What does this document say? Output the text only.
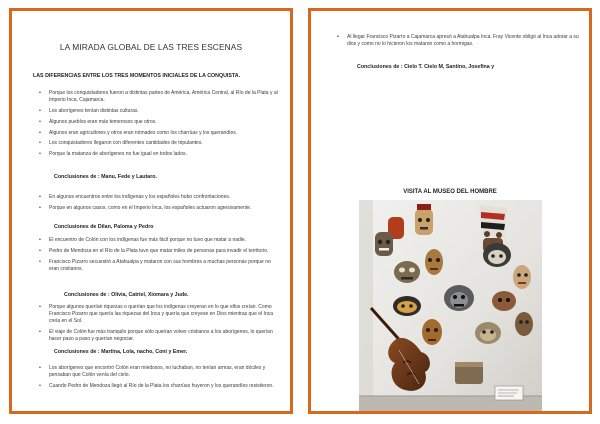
LA MIRADA GLOBAL DE LAS TRES ESCENAS
LAS DIFERENCIAS ENTRE LOS TRES MOMENTOS INICIALES DE LA CONQUISTA.
• Porque los conquistadores fueron a distintas partes de América. América Central, al Río de la Plata y al Imperio Inca, Cajamarca.
• Los aborígenes tenían distintas culturas.
• Algunos pueblos eran más temerosos que otros.
• Algunos eran agricultores y otros eran nómades como los charrúas y los querandíes.
• Los conquistadores llegaron con diferentes cantidades de tripulantes.
• Porque la matanza de aborígenes no fue igual en todos lados.
Conclusiones de : Manu, Fede y Lautaro.
• En algunos encuentros entre los indígenas y los españoles hubo confrontaciones.
• Porque en algunos casos, como en el Imperio Inca, los españoles actuaron agresivamente.
Conclusiones de Dilan, Paloma y Pedro
• El encuentro de Colón con los indígenas fue más fácil porque no tuvo que matar a nadie.
• Pedro de Mendoza en el Río de la Plata tuvo que matar miles de personas para invadir el territorio.
• Francisco Pizarro secuestró a Atahualpa y mataron con sus hombres a muchas personas porque no eran cristianos.
Conclusiones de : Olivia, Catriel, Xiomara y Jude.
• Porque algunos querían riquezas o querían que los indígenas creyeran en lo que ellos creían. Como Francisco Pizarro que quería las riquezas del Inca y quería que creyese en Dios mientras que el Inca creía en el Sol.
• El viaje de Colón fue más tranquilo porque sólo querían volver cristianos a los aborígenes, lo querían hacer paso a paso y querían negociar.
Conclusiones de : Martina, Lola, nacho, Coni y Emer.
• Los aborígenes que encontró Colón eran miedosos, no luchaban, no tenían armas, eran dóciles y pensaban que Colón venía del cielo.
• Cuando Pedro de Mendoza llegó al Río de la Plata los charrúas huyeron y los querandíes resistieron.
• Al llegar Francisco Pizarro a Cajamarca apresó a Atahualpa Inca. Fray Vicente obligó al Inca adorar a su dios y como no lo hicieron los mataron como a hormigas.
Conclusiones de : Cielo T. Cielo M, Santino, Josefina y
VISITA AL MUSEO DEL HOMBRE
